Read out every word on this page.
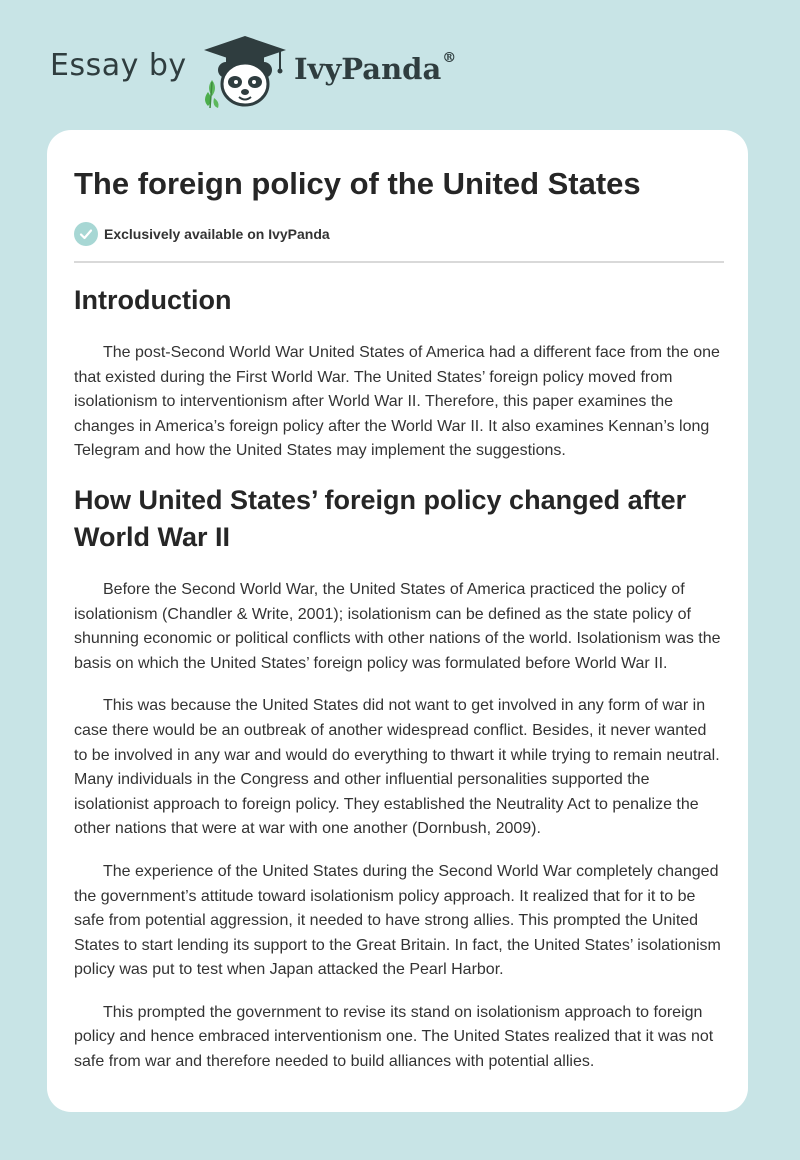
Essay by	IvyPanda®
The foreign policy of the United States
Exclusively available on IvyPanda
Introduction

The post-Second World War United States of America had a different face from the one that existed during the First World War. The United States’ foreign policy moved from isolationism to interventionism after World War II. Therefore, this paper examines the changes in America’s foreign policy after the World War II. It also examines Kennan’s long Telegram and how the United States may implement the suggestions.

How United States’ foreign policy changed after World War II

Before the Second World War, the United States of America practiced the policy of isolationism (Chandler & Write, 2001); isolationism can be defined as the state policy of shunning economic or political conflicts with other nations of the world. Isolationism was the basis on which the United States’ foreign policy was formulated before World War II.

This was because the United States did not want to get involved in any form of war in case there would be an outbreak of another widespread conflict. Besides, it never wanted to be involved in any war and would do everything to thwart it while trying to remain neutral. Many individuals in the Congress and other influential personalities supported the isolationist approach to foreign policy. They established the Neutrality Act to penalize the other nations that were at war with one another (Dornbush, 2009).

The experience of the United States during the Second World War completely changed the government’s attitude toward isolationism policy approach. It realized that for it to be safe from potential aggression, it needed to have strong allies. This prompted the United States to start lending its support to the Great Britain. In fact, the United States’ isolationism policy was put to test when Japan attacked the Pearl Harbor.

This prompted the government to revise its stand on isolationism approach to foreign policy and hence embraced interventionism one. The United States realized that it was not safe from war and therefore needed to build alliances with potential allies.
